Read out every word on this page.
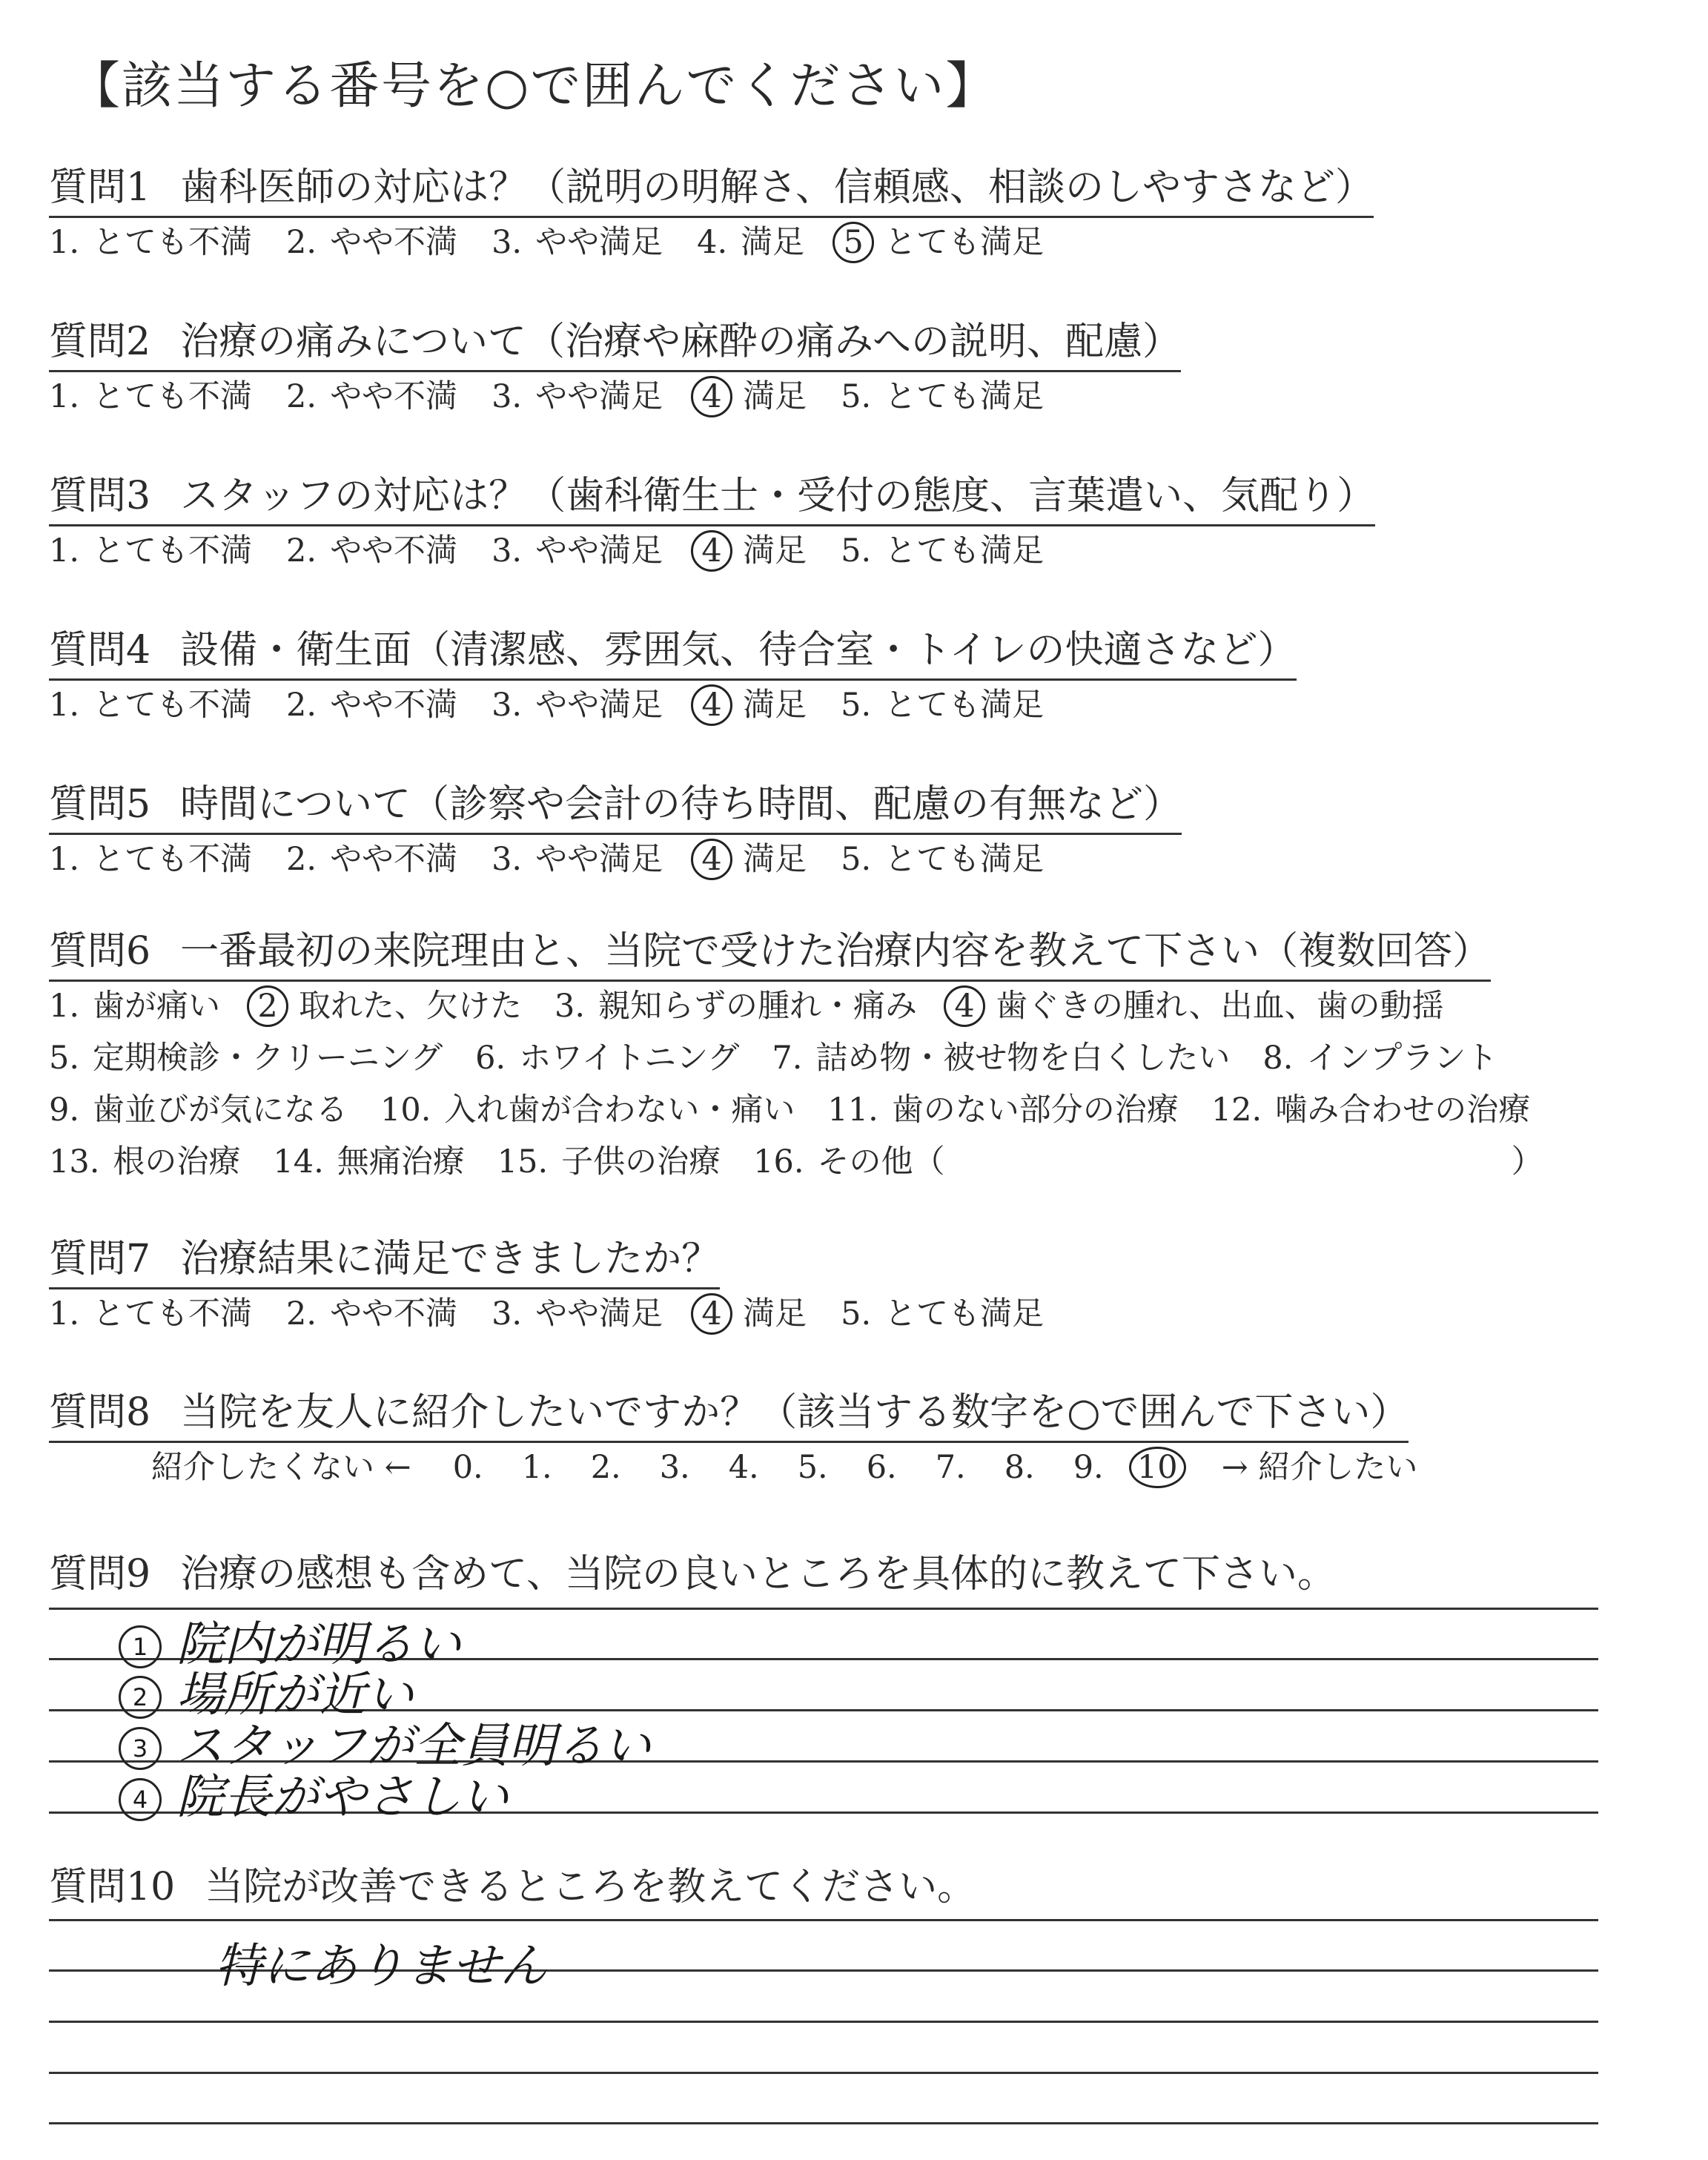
【該当する番号を○で囲んでください】
質問1 歯科医師の対応は？（説明の明解さ、信頼感、相談のしやすさなど）
1. とても不満 2. やや不満 3. やや満足 4. 満足 5 とても満足
質問2 治療の痛みについて（治療や麻酔の痛みへの説明、配慮）
1. とても不満 2. やや不満 3. やや満足 4 満足 5. とても満足
質問3 スタッフの対応は？（歯科衛生士・受付の態度、言葉遣い、気配り）
1. とても不満 2. やや不満 3. やや満足 4 満足 5. とても満足
質問4 設備・衛生面（清潔感、雰囲気、待合室・トイレの快適さなど）
1. とても不満 2. やや不満 3. やや満足 4 満足 5. とても満足
質問5 時間について（診察や会計の待ち時間、配慮の有無など）
1. とても不満 2. やや不満 3. やや満足 4 満足 5. とても満足
質問6 一番最初の来院理由と、当院で受けた治療内容を教えて下さい（複数回答）
1. 歯が痛い 2 取れた、欠けた 3. 親知らずの腫れ・痛み 4 歯ぐきの腫れ、出血、歯の動揺
5. 定期検診・クリーニング 6. ホワイトニング 7. 詰め物・被せ物を白くしたい 8. インプラント
9. 歯並びが気になる 10. 入れ歯が合わない・痛い 11. 歯のない部分の治療 12. 噛み合わせの治療
13. 根の治療 14. 無痛治療 15. 子供の治療 16. その他（	）
質問7 治療結果に満足できましたか？
1. とても不満 2. やや不満 3. やや満足 4 満足 5. とても満足
質問8 当院を友人に紹介したいですか？（該当する数字を○で囲んで下さい）
紹介したくない ← 0. 1. 2. 3. 4. 5. 6. 7. 8. 9. 10 → 紹介したい
質問9 治療の感想も含めて、当院の良いところを具体的に教えて下さい。
1 院内が明るい
2 場所が近い
3 スタッフが全員明るい
4 院長がやさしい
質問10 当院が改善できるところを教えてください。
特にありません
